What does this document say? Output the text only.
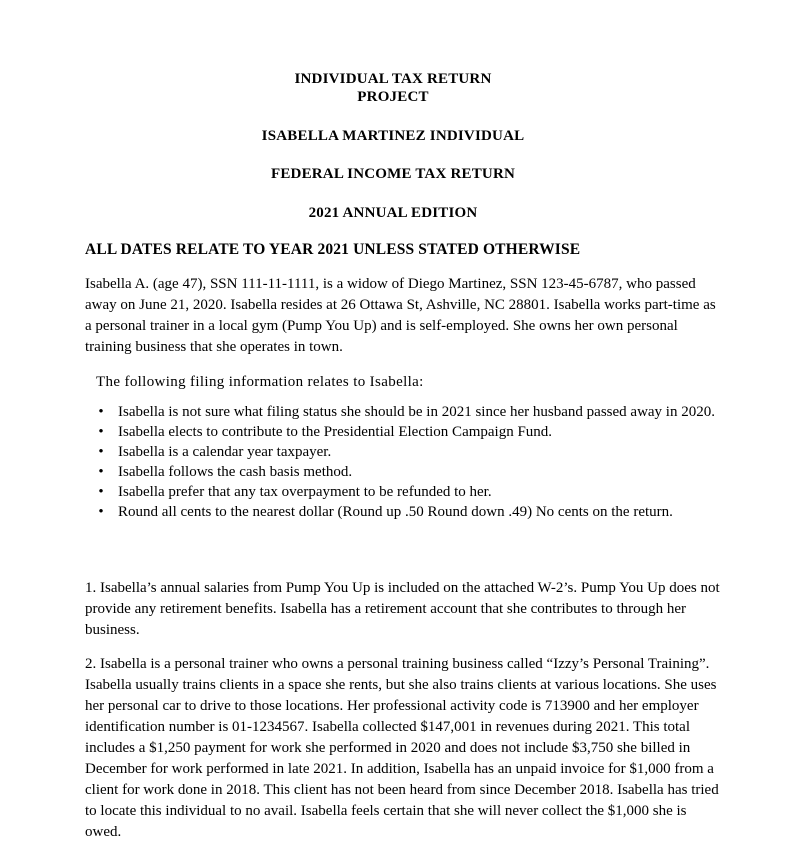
INDIVIDUAL TAX RETURN
PROJECT
ISABELLA MARTINEZ INDIVIDUAL
FEDERAL INCOME TAX RETURN
2021 ANNUAL EDITION
ALL DATES RELATE TO YEAR 2021 UNLESS STATED OTHERWISE

Isabella A. (age 47), SSN 111-11-1111, is a widow of Diego Martinez, SSN 123-45-6787, who passed away on June 21, 2020. Isabella resides at 26 Ottawa St, Ashville, NC 28801. Isabella works part-time as a personal trainer in a local gym (Pump You Up) and is self-employed. She owns her own personal training business that she operates in town.

The following filing information relates to Isabella:

• Isabella is not sure what filing status she should be in 2021 since her husband passed away in 2020.
• Isabella elects to contribute to the Presidential Election Campaign Fund.
• Isabella is a calendar year taxpayer.
• Isabella follows the cash basis method.
• Isabella prefer that any tax overpayment to be refunded to her.
• Round all cents to the nearest dollar (Round up .50 Round down .49) No cents on the return.

1. Isabella’s annual salaries from Pump You Up is included on the attached W-2’s. Pump You Up does not provide any retirement benefits. Isabella has a retirement account that she contributes to through her business.

2. Isabella is a personal trainer who owns a personal training business called “Izzy’s Personal Training”. Isabella usually trains clients in a space she rents, but she also trains clients at various locations. She uses her personal car to drive to those locations. Her professional activity code is 713900 and her employer identification number is 01-1234567. Isabella collected $147,001 in revenues during 2021. This total includes a $1,250 payment for work she performed in 2020 and does not include $3,750 she billed in December for work performed in late 2021. In addition, Isabella has an unpaid invoice for $1,000 from a client for work done in 2018. This client has not been heard from since December 2018. Isabella has tried to locate this individual to no avail. Isabella feels certain that she will never collect the $1,000 she is owed.
